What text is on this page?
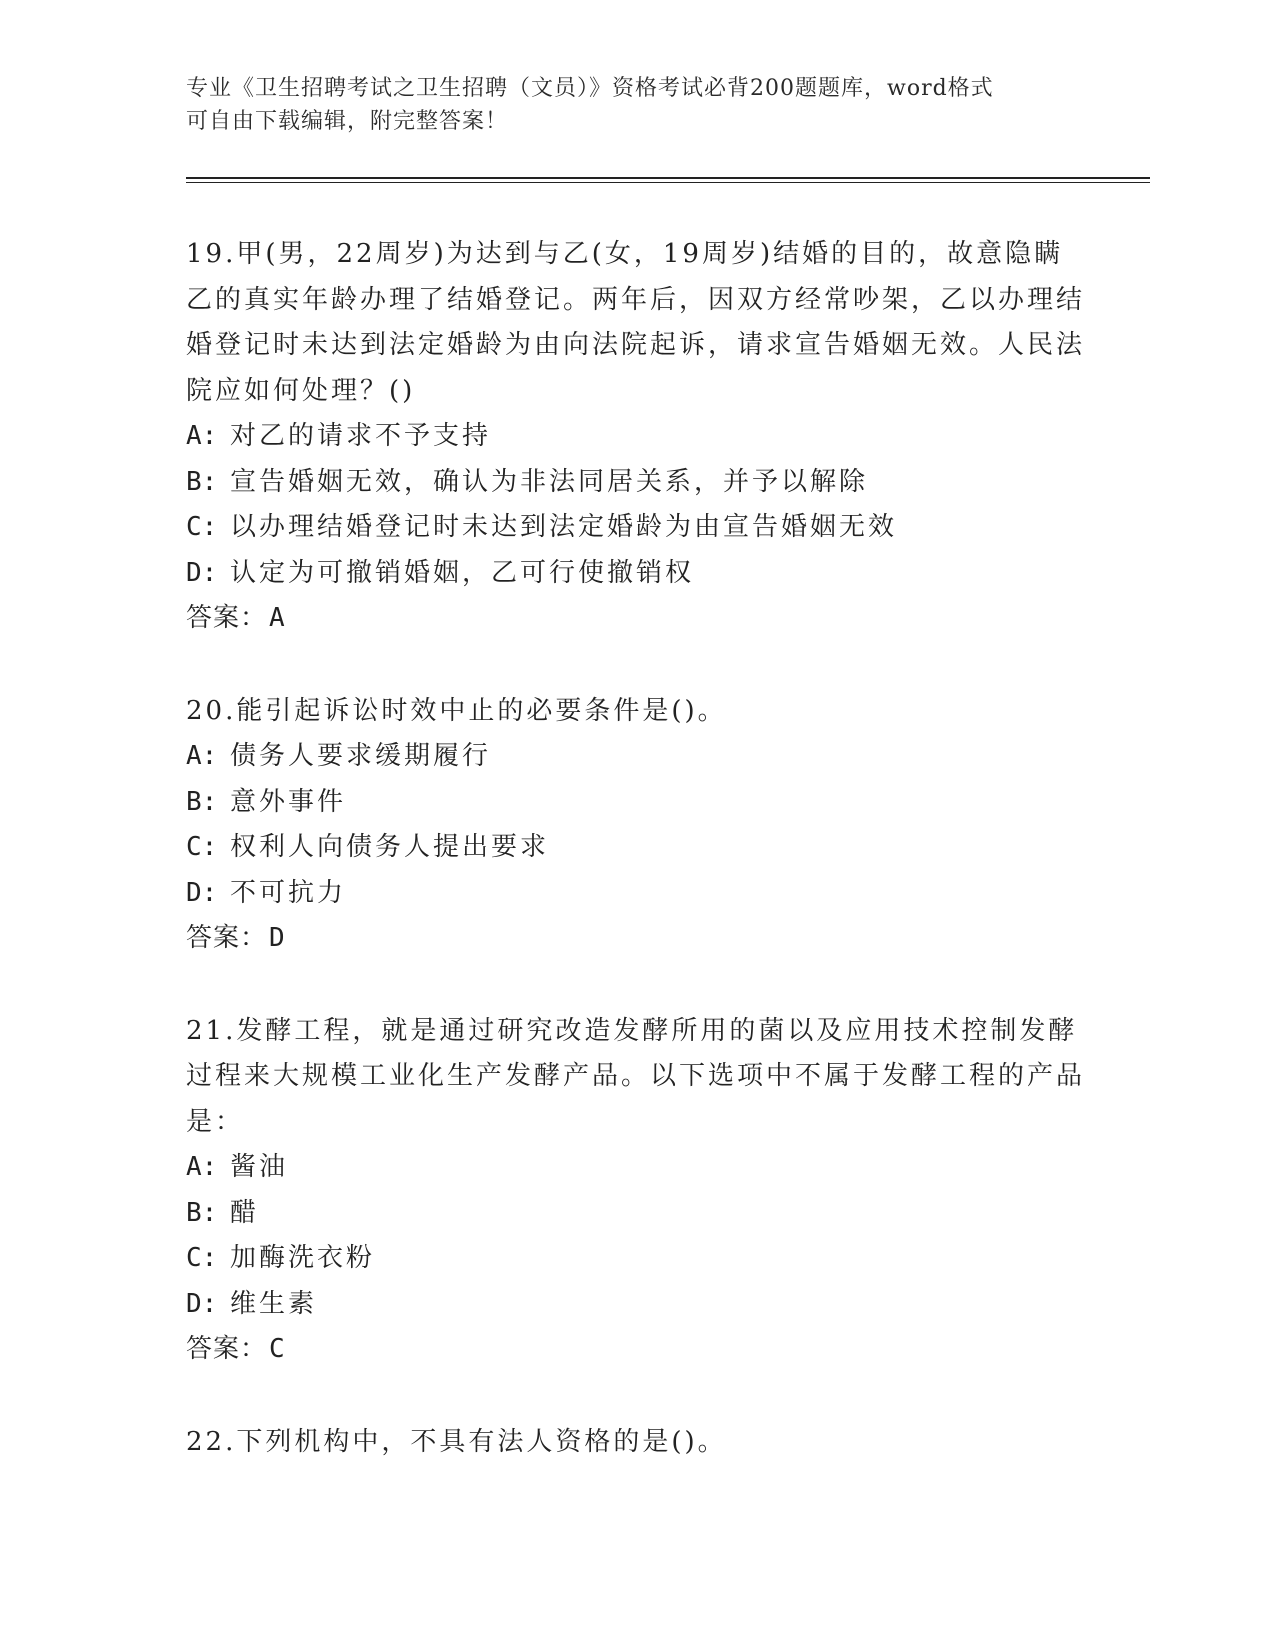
专业《卫生招聘考试之卫生招聘（文员）》资格考试必背200题题库，word格式
可自由下载编辑，附完整答案！

19.甲(男，22周岁)为达到与乙(女，19周岁)结婚的目的，故意隐瞒乙的真实年龄办理了结婚登记。两年后，因双方经常吵架，乙以办理结婚登记时未达到法定婚龄为由向法院起诉，请求宣告婚姻无效。人民法院应如何处理？()

A: 对乙的请求不予支持

B: 宣告婚姻无效，确认为非法同居关系，并予以解除

C: 以办理结婚登记时未达到法定婚龄为由宣告婚姻无效

D: 认定为可撤销婚姻，乙可行使撤销权

答案：A

20.能引起诉讼时效中止的必要条件是()。

A: 债务人要求缓期履行

B: 意外事件

C: 权利人向债务人提出要求

D: 不可抗力

答案：D

21.发酵工程，就是通过研究改造发酵所用的菌以及应用技术控制发酵过程来大规模工业化生产发酵产品。以下选项中不属于发酵工程的产品是：

A: 酱油

B: 醋

C: 加酶洗衣粉

D: 维生素

答案：C

22.下列机构中，不具有法人资格的是()。
